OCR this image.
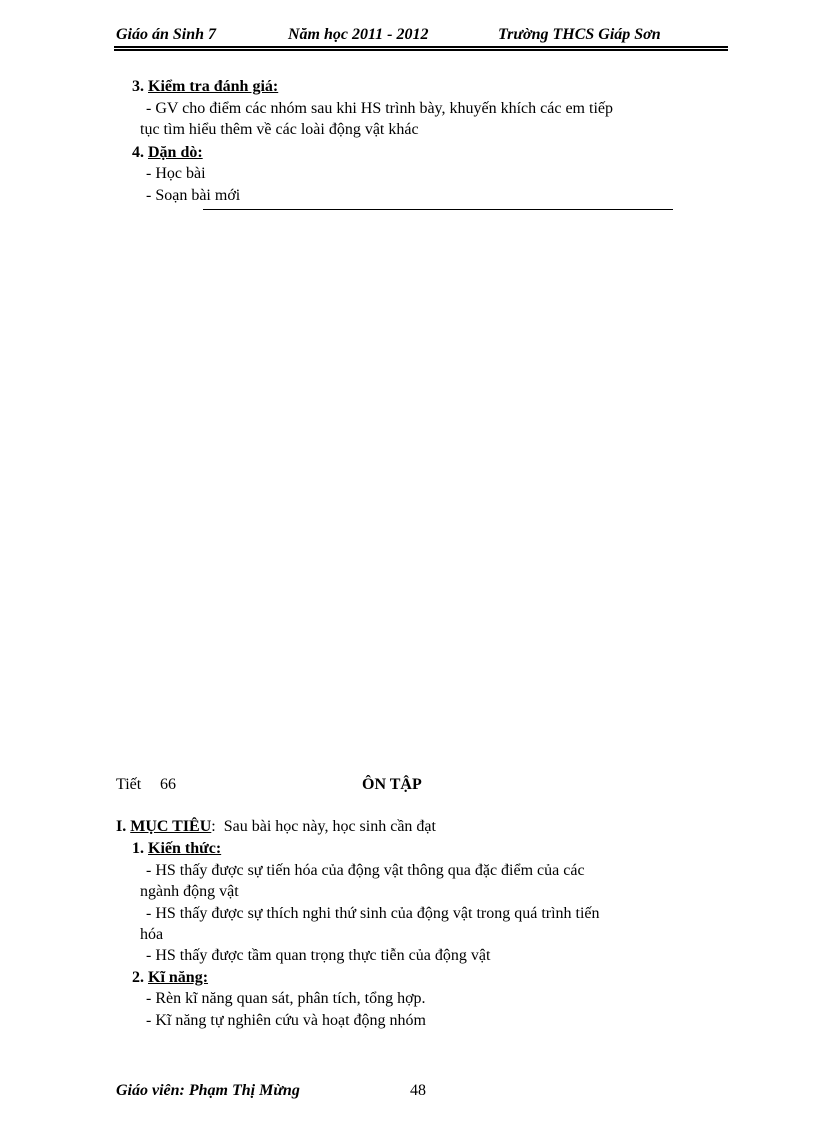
Giáo án Sinh 7	Năm học 2011 - 2012	Trường THCS Giáp Sơn
3. Kiểm tra đánh giá:
- GV cho điểm các nhóm sau khi HS trình bày, khuyến khích các em tiếp
tục tìm hiểu thêm về các loài động vật khác
4. Dặn dò:
- Học bài
- Soạn bài mới
Tiết 66	ÔN TẬP
I. MỤC TIÊU: Sau bài học này, học sinh cần đạt
1. Kiến thức:
- HS thấy được sự tiến hóa của động vật thông qua đặc điểm của các
ngành động vật
- HS thấy được sự thích nghi thứ sinh của động vật trong quá trình tiến
hóa
- HS thấy được tầm quan trọng thực tiễn của động vật
2. Kĩ năng:
- Rèn kĩ năng quan sát, phân tích, tổng hợp.
- Kĩ năng tự nghiên cứu và hoạt động nhóm
Giáo viên: Phạm Thị Mừng	48
